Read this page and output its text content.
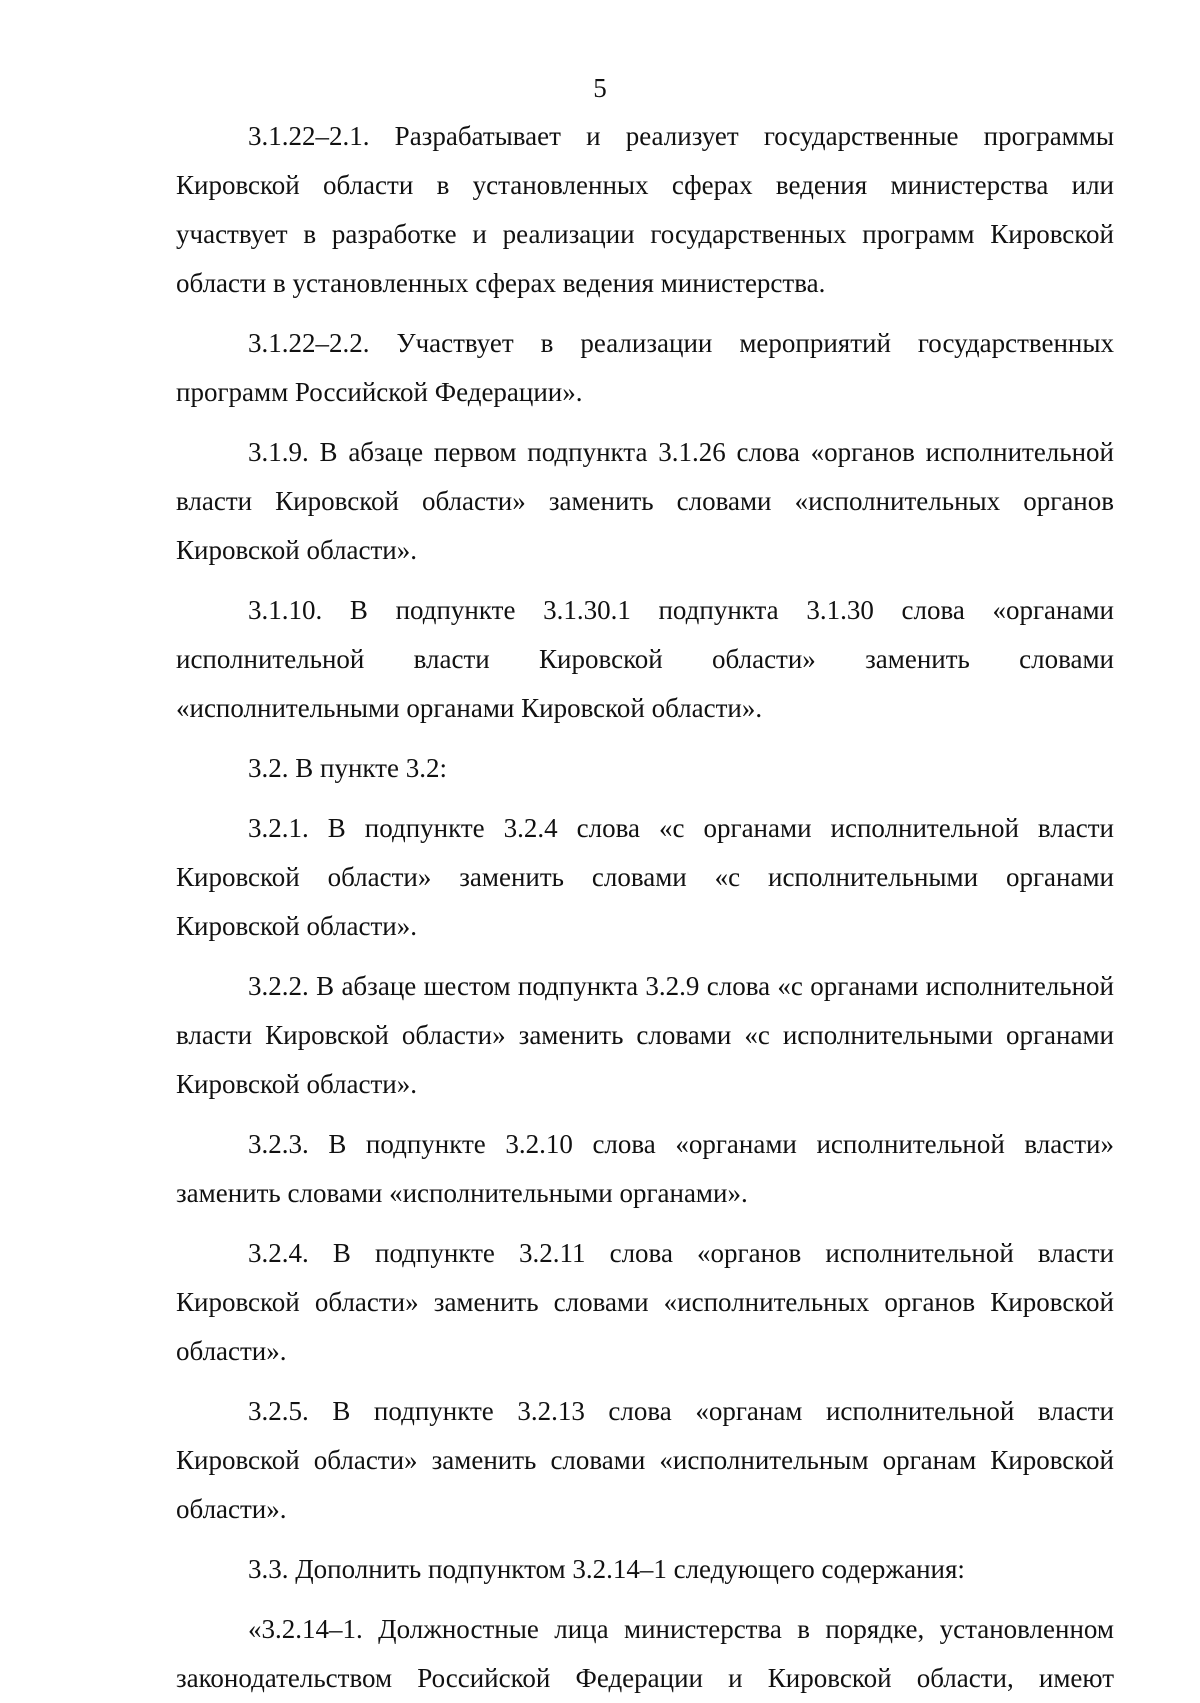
5

3.1.22–2.1. Разрабатывает и реализует государственные программы Кировской области в установленных сферах ведения министерства или участвует в разработке и реализации государственных программ Кировской области в установленных сферах ведения министерства.

3.1.22–2.2. Участвует в реализации мероприятий государственных программ Российской Федерации».

3.1.9. В абзаце первом подпункта 3.1.26 слова «органов исполнительной власти Кировской области» заменить словами «исполнительных органов Кировской области».

3.1.10. В подпункте 3.1.30.1 подпункта 3.1.30 слова «органами исполнительной власти Кировской области» заменить словами «исполнительными органами Кировской области».

3.2. В пункте 3.2:

3.2.1. В подпункте 3.2.4 слова «с органами исполнительной власти Кировской области» заменить словами «с исполнительными органами Кировской области».

3.2.2. В абзаце шестом подпункта 3.2.9 слова «с органами исполнительной власти Кировской области» заменить словами «с исполнительными органами Кировской области».

3.2.3. В подпункте 3.2.10 слова «органами исполнительной власти» заменить словами «исполнительными органами».

3.2.4. В подпункте 3.2.11 слова «органов исполнительной власти Кировской области» заменить словами «исполнительных органов Кировской области».

3.2.5. В подпункте 3.2.13 слова «органам исполнительной власти Кировской области» заменить словами «исполнительным органам Кировской области».

3.3. Дополнить подпунктом 3.2.14–1 следующего содержания:

«3.2.14–1. Должностные лица министерства в порядке, установленном законодательством Российской Федерации и Кировской области, имеют
